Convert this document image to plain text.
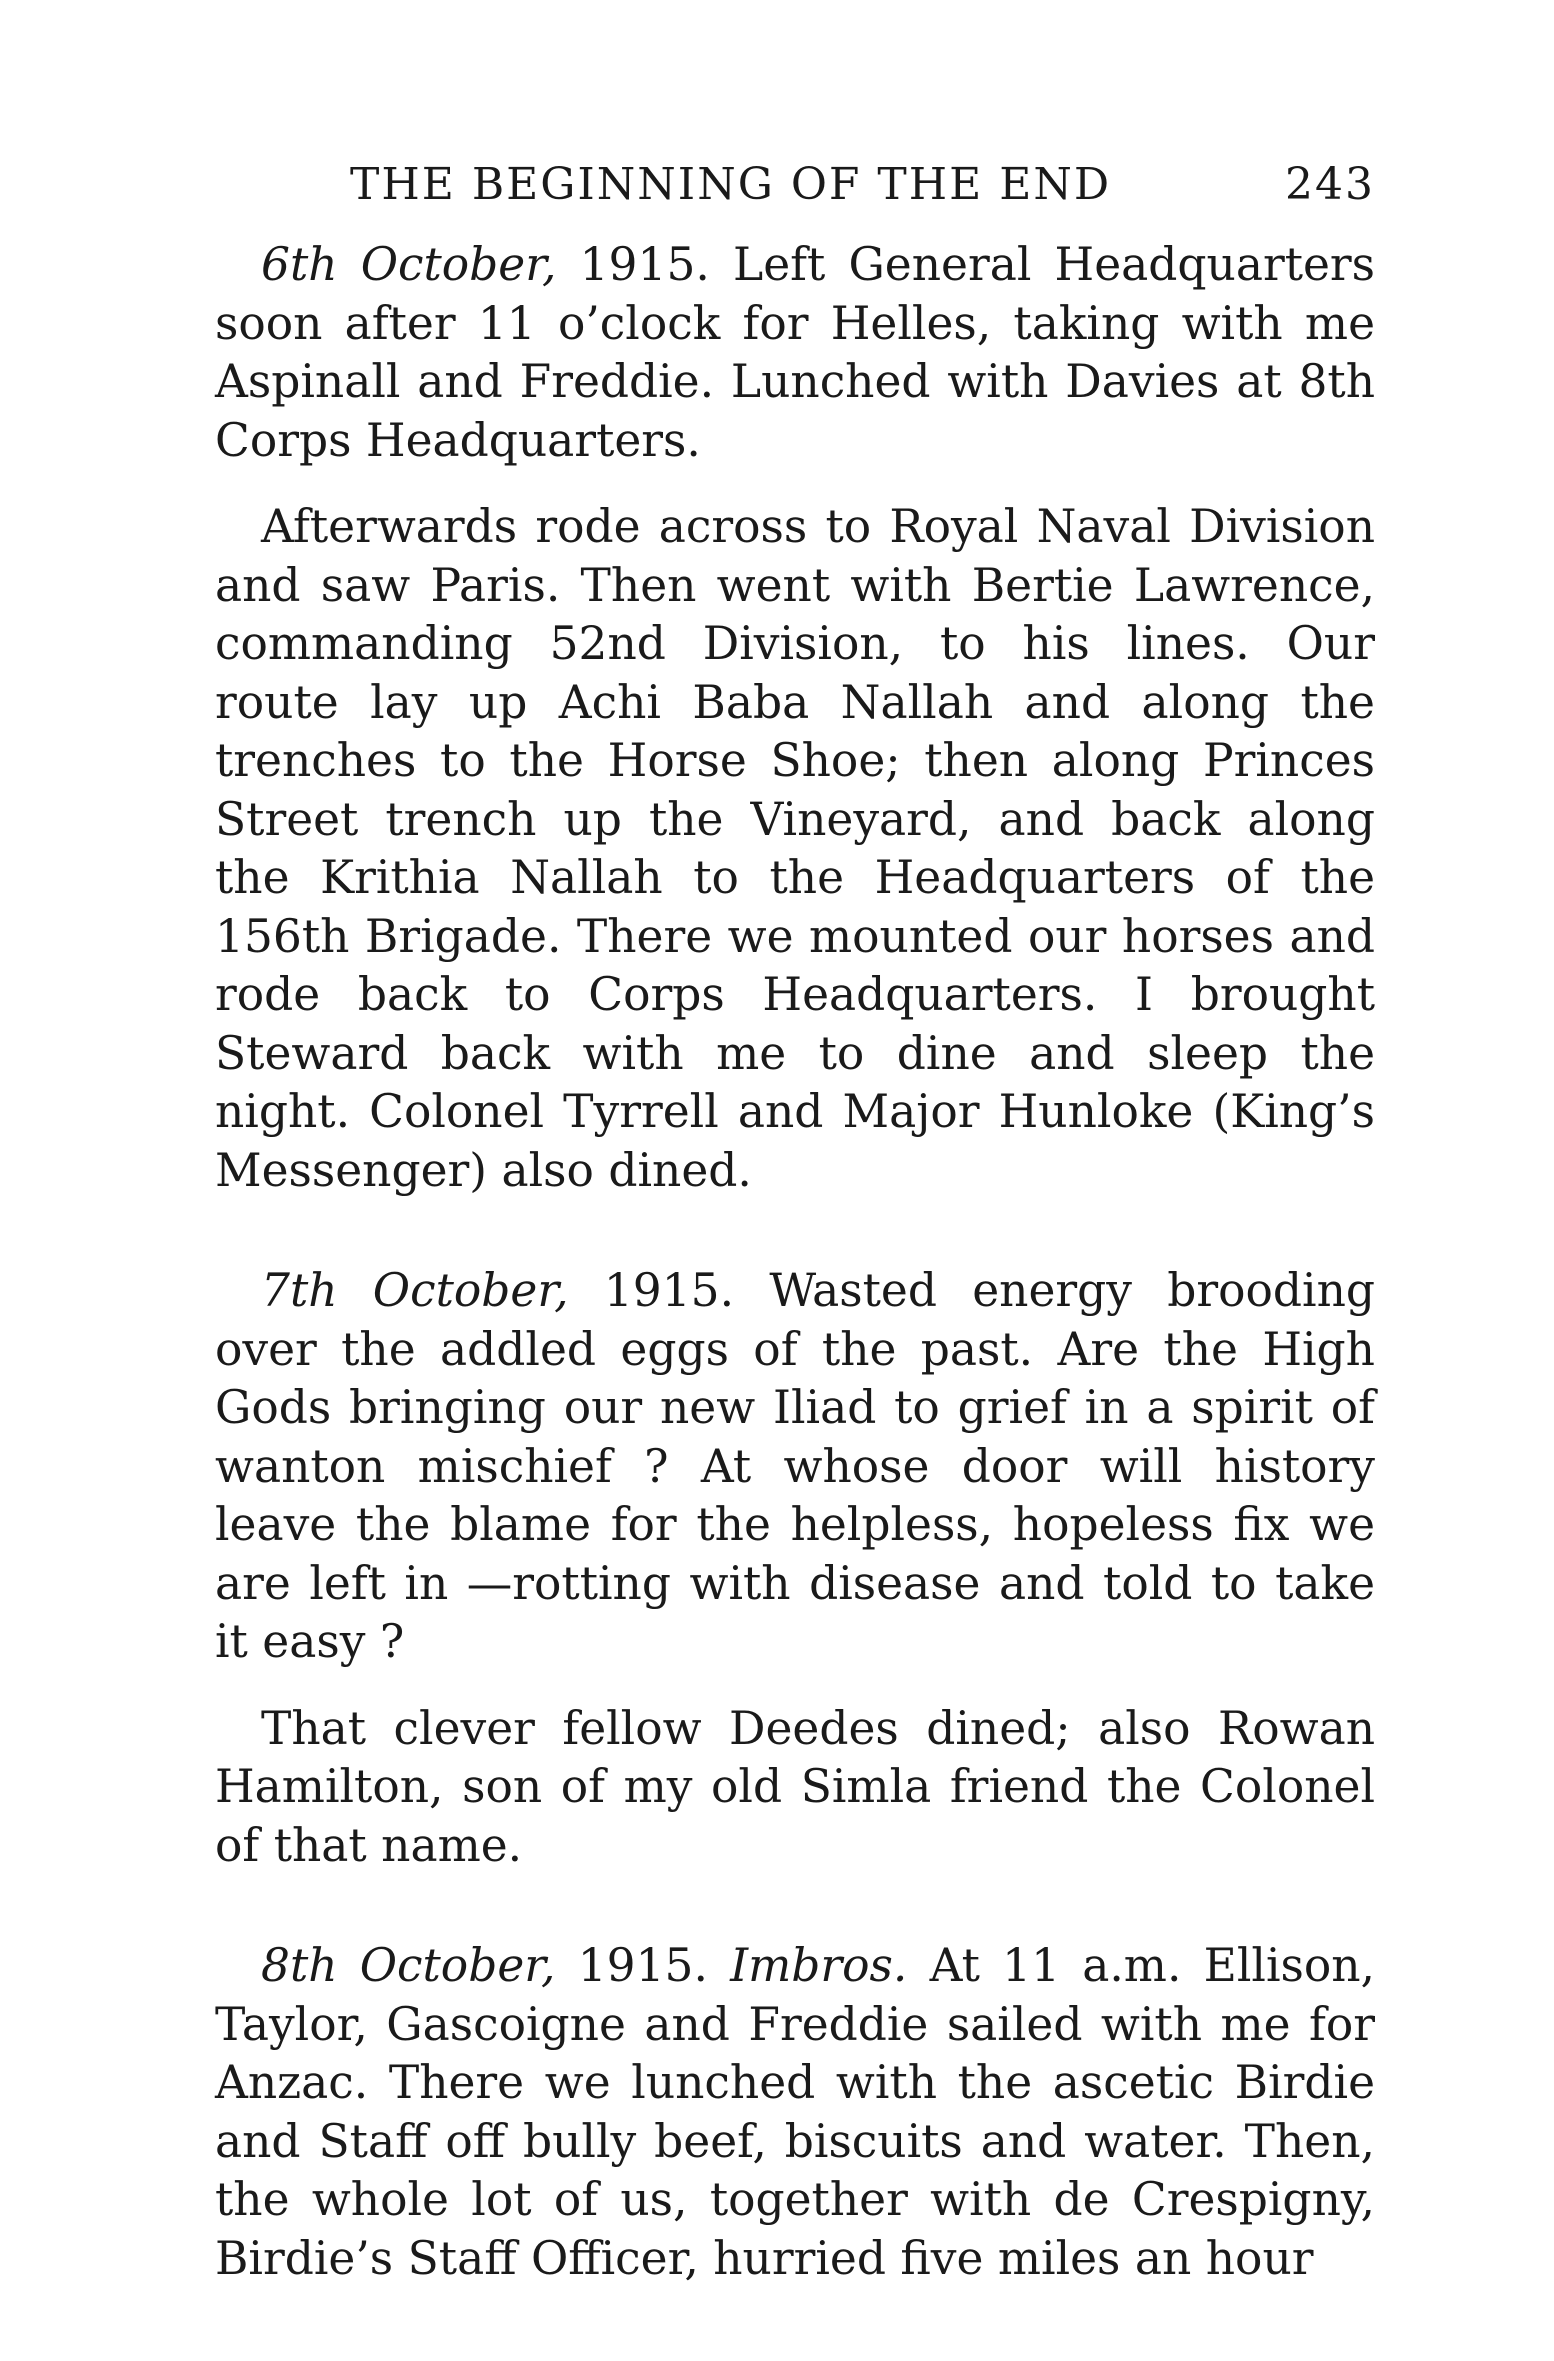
THE BEGINNING OF THE END	243

6th October, 1915. Left General Headquarters soon after 11 o’clock for Helles, taking with me Aspinall and Freddie. Lunched with Davies at 8th Corps Headquarters.

Afterwards rode across to Royal Naval Division and saw Paris. Then went with Bertie Lawrence, commanding 52nd Division, to his lines. Our route lay up Achi Baba Nallah and along the trenches to the Horse Shoe; then along Princes Street trench up the Vineyard, and back along the Krithia Nallah to the Headquarters of the 156th Brigade. There we mounted our horses and rode back to Corps Headquarters. I brought Steward back with me to dine and sleep the night. Colonel Tyrrell and Major Hunloke (King’s Messenger) also dined.

7th October, 1915. Wasted energy brooding over the addled eggs of the past. Are the High Gods bringing our new Iliad to grief in a spirit of wanton mischief ? At whose door will history leave the blame for the helpless, hopeless fix we are left in —rotting with disease and told to take it easy ?

That clever fellow Deedes dined; also Rowan Hamilton, son of my old Simla friend the Colonel of that name.

8th October, 1915. Imbros. At 11 a.m. Ellison, Taylor, Gascoigne and Freddie sailed with me for Anzac. There we lunched with the ascetic Birdie and Staff off bully beef, biscuits and water. Then, the whole lot of us, together with de Crespigny, Birdie’s Staff Officer, hurried five miles an hour
